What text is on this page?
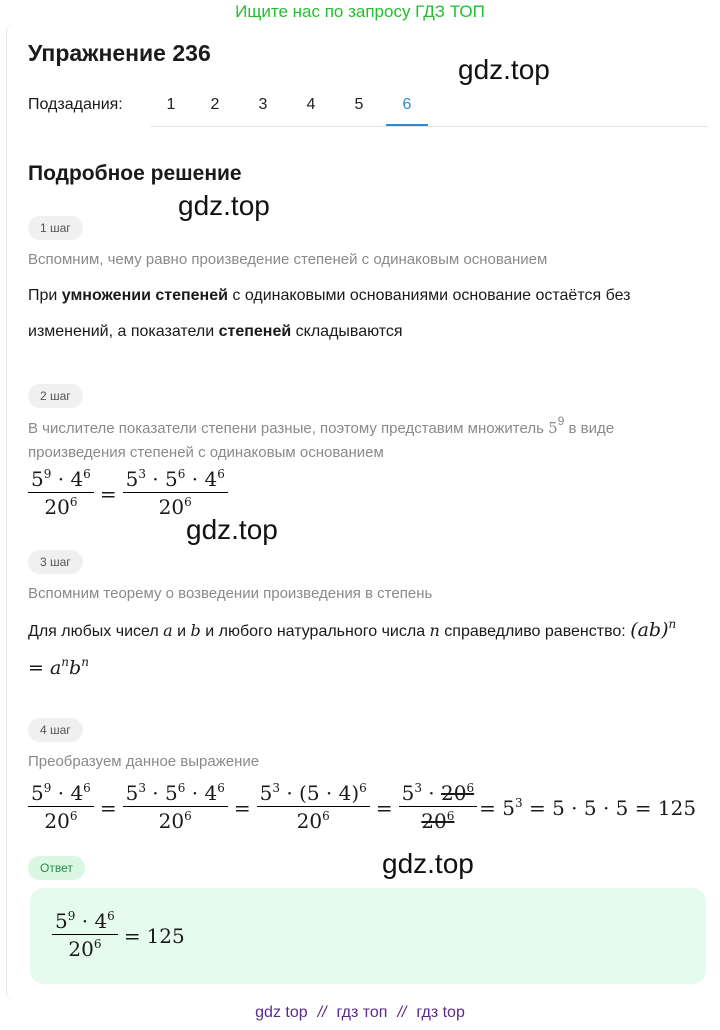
Ищите нас по запросу ГДЗ ТОП
Упражнение 236
Подзадания:	1	2	3	4	5	6
gdz.top
Подробное решение
gdz.top
1 шаг
Вспомним, чему равно произведение степеней с одинаковым основанием
При умножении степеней с одинаковыми основаниями основание остаётся без изменений, а показатели степеней складываются
2 шаг
В числителе показатели степени разные, поэтому представим множитель $5^9$ в виде произведения степеней с одинаковым основанием
$\frac{5^9 \cdot 4^6}{20^6} = \frac{5^3 \cdot 5^6 \cdot 4^6}{20^6}$
gdz.top
3 шаг
Вспомним теорему о возведении произведения в степень
Для любых чисел a и b и любого натурального числа n справедливо равенство: $(ab)^n = a^nb^n$
4 шаг
Преобразуем данное выражение
$\frac{5^9 \cdot 4^6}{20^6} = \frac{5^3 \cdot 5^6 \cdot 4^6}{20^6} = \frac{5^3 \cdot (5 \cdot 4)^6}{20^6} = \frac{5^3 \cdot 20^6}{20^6} = 5^3 = 5 \cdot 5 \cdot 5 = 125$
Ответ	gdz.top
$\frac{5^9 \cdot 4^6}{20^6} = 125$
gdz top // гдз топ // гдз top
